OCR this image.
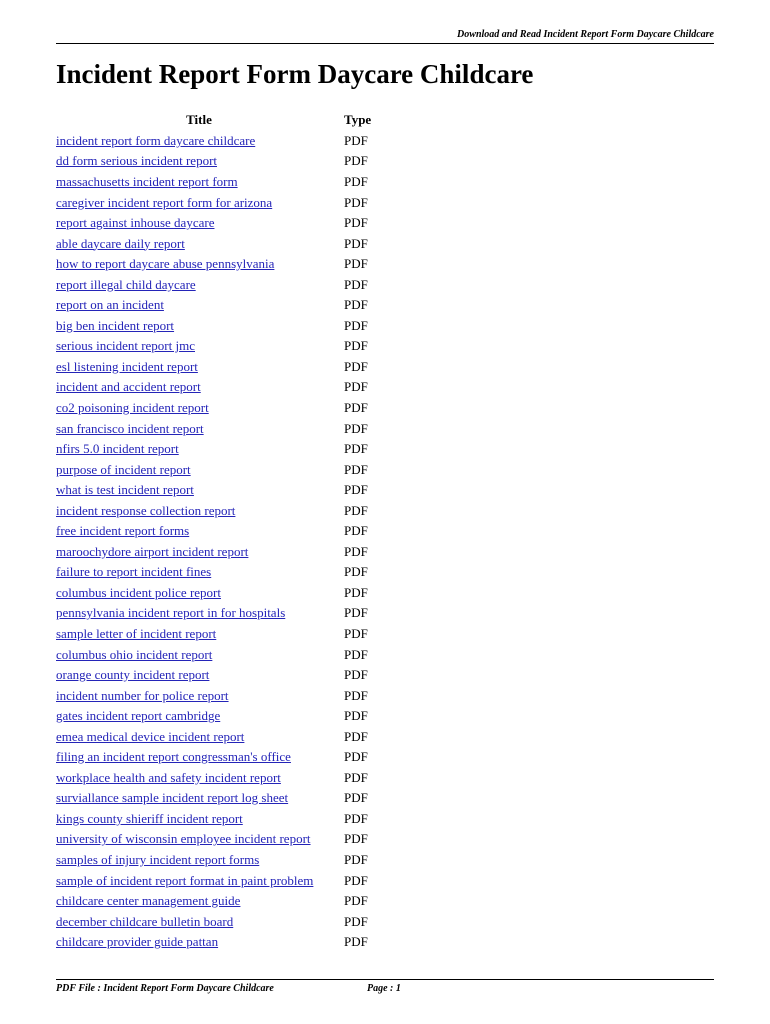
Download and Read Incident Report Form Daycare Childcare
Incident Report Form Daycare Childcare
Title	Type
incident report form daycare childcare	PDF
dd form serious incident report	PDF
massachusetts incident report form	PDF
caregiver incident report form for arizona	PDF
report against inhouse daycare	PDF
able daycare daily report	PDF
how to report daycare abuse pennsylvania	PDF
report illegal child daycare	PDF
report on an incident	PDF
big ben incident report	PDF
serious incident report jmc	PDF
esl listening incident report	PDF
incident and accident report	PDF
co2 poisoning incident report	PDF
san francisco incident report	PDF
nfirs 5.0 incident report	PDF
purpose of incident report	PDF
what is test incident report	PDF
incident response collection report	PDF
free incident report forms	PDF
maroochydore airport incident report	PDF
failure to report incident fines	PDF
columbus incident police report	PDF
pennsylvania incident report in for hospitals	PDF
sample letter of incident report	PDF
columbus ohio incident report	PDF
orange county incident report	PDF
incident number for police report	PDF
gates incident report cambridge	PDF
emea medical device incident report	PDF
filing an incident report congressman's office	PDF
workplace health and safety incident report	PDF
surviallance sample incident report log sheet	PDF
kings county shieriff incident report	PDF
university of wisconsin employee incident report	PDF
samples of injury incident report forms	PDF
sample of incident report format in paint problem	PDF
childcare center management guide	PDF
december childcare bulletin board	PDF
childcare provider guide pattan	PDF
PDF File : Incident Report Form Daycare Childcare	Page : 1
